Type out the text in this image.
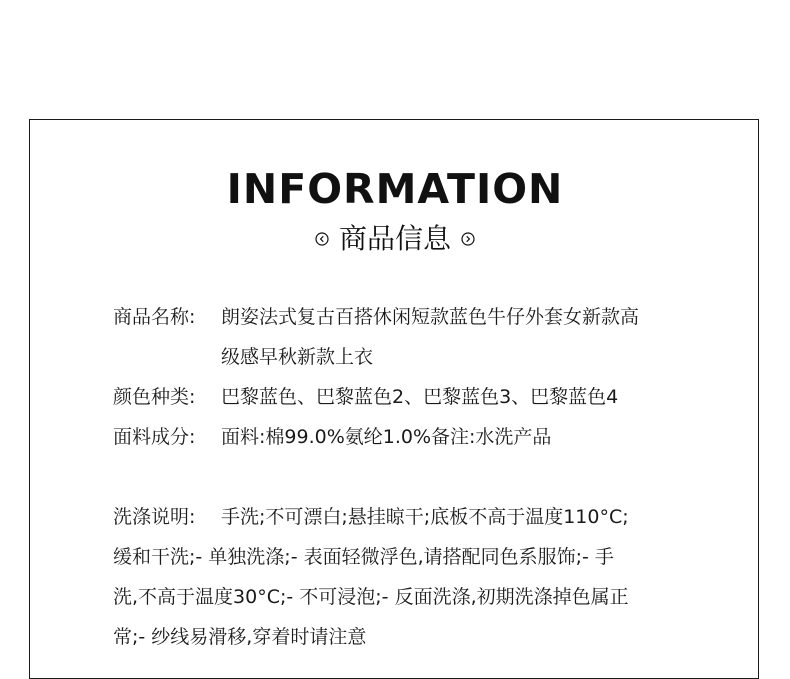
INFORMATION
商品信息
商品名称:	朗姿法式复古百搭休闲短款蓝色牛仔外套女新款高
级感早秋新款上衣
颜色种类:	巴黎蓝色、巴黎蓝色2、巴黎蓝色3、巴黎蓝色4
面料成分:	面料:棉99.0%氨纶1.0%备注:水洗产品
洗涤说明:	手洗;不可漂白;悬挂晾干;底板不高于温度110°C;
缓和干洗;- 单独洗涤;- 表面轻微浮色,请搭配同色系服饰;- 手
洗,不高于温度30°C;- 不可浸泡;- 反面洗涤,初期洗涤掉色属正
常;- 纱线易滑移,穿着时请注意
